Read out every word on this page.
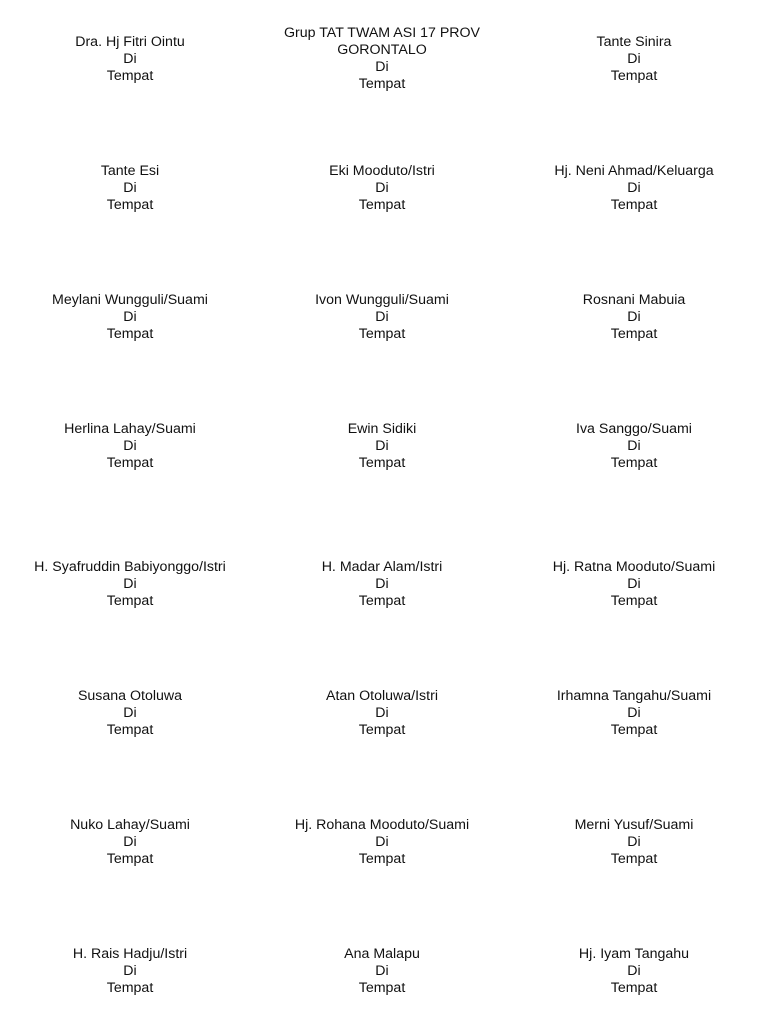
Dra. Hj Fitri Ointu
Di
Tempat
Grup TAT TWAM ASI 17 PROV
GORONTALO
Di
Tempat
Tante Sinira
Di
Tempat
Tante Esi
Di
Tempat
Eki Mooduto/Istri
Di
Tempat
Hj. Neni Ahmad/Keluarga
Di
Tempat
Meylani Wungguli/Suami
Di
Tempat
Ivon Wungguli/Suami
Di
Tempat
Rosnani Mabuia
Di
Tempat
Herlina Lahay/Suami
Di
Tempat
Ewin Sidiki
Di
Tempat
Iva Sanggo/Suami
Di
Tempat
H. Syafruddin Babiyonggo/Istri
Di
Tempat
H. Madar Alam/Istri
Di
Tempat
Hj. Ratna Mooduto/Suami
Di
Tempat
Susana Otoluwa
Di
Tempat
Atan Otoluwa/Istri
Di
Tempat
Irhamna Tangahu/Suami
Di
Tempat
Nuko Lahay/Suami
Di
Tempat
Hj. Rohana Mooduto/Suami
Di
Tempat
Merni Yusuf/Suami
Di
Tempat
H. Rais Hadju/Istri
Di
Tempat
Ana Malapu
Di
Tempat
Hj. Iyam Tangahu
Di
Tempat
